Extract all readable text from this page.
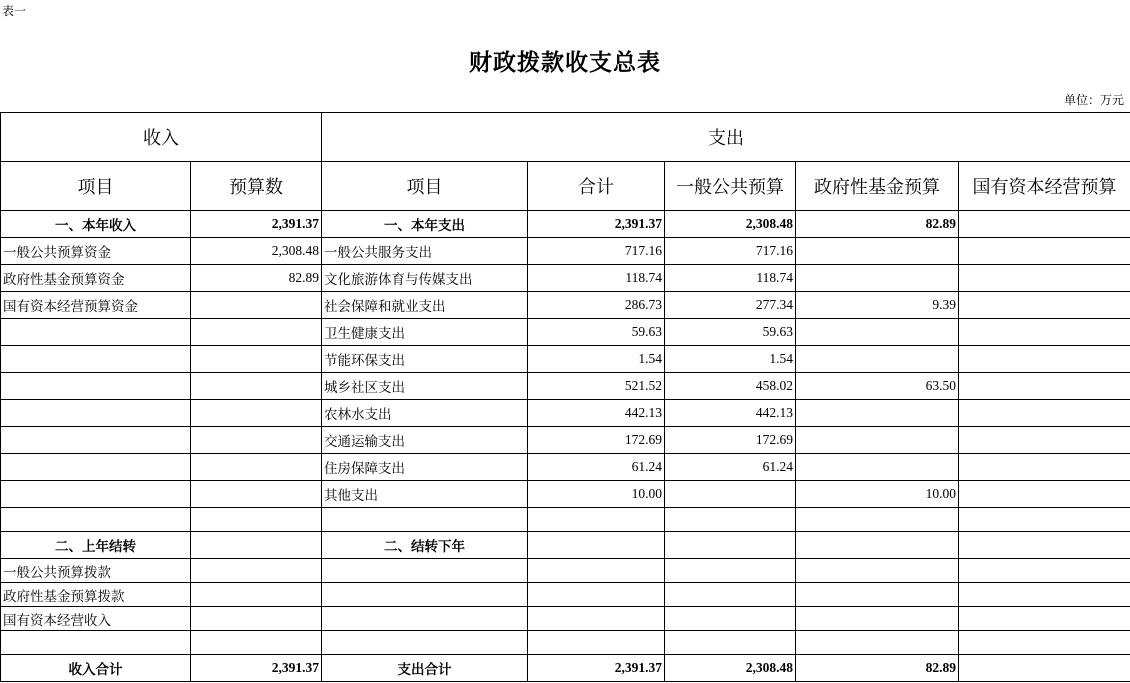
表一
财政拨款收支总表
单位：万元
收入		支出				
项目	预算数	项目	合计	一般公共预算	政府性基金预算	国有资本经营预算
一、本年收入	2,391.37	一、本年支出	2,391.37	2,308.48	82.89	
一般公共预算资金	2,308.48	一般公共服务支出	717.16	717.16		
政府性基金预算资金	82.89	文化旅游体育与传媒支出	118.74	118.74		
国有资本经营预算资金		社会保障和就业支出	286.73	277.34	9.39	
		卫生健康支出	59.63	59.63		
		节能环保支出	1.54	1.54		
		城乡社区支出	521.52	458.02	63.50	
		农林水支出	442.13	442.13		
		交通运输支出	172.69	172.69		
		住房保障支出	61.24	61.24		
		其他支出	10.00		10.00	

二、上年结转		二、结转下年				
一般公共预算拨款						
政府性基金预算拨款						
国有资本经营收入						

收入合计	2,391.37	支出合计	2,391.37	2,308.48	82.89	
